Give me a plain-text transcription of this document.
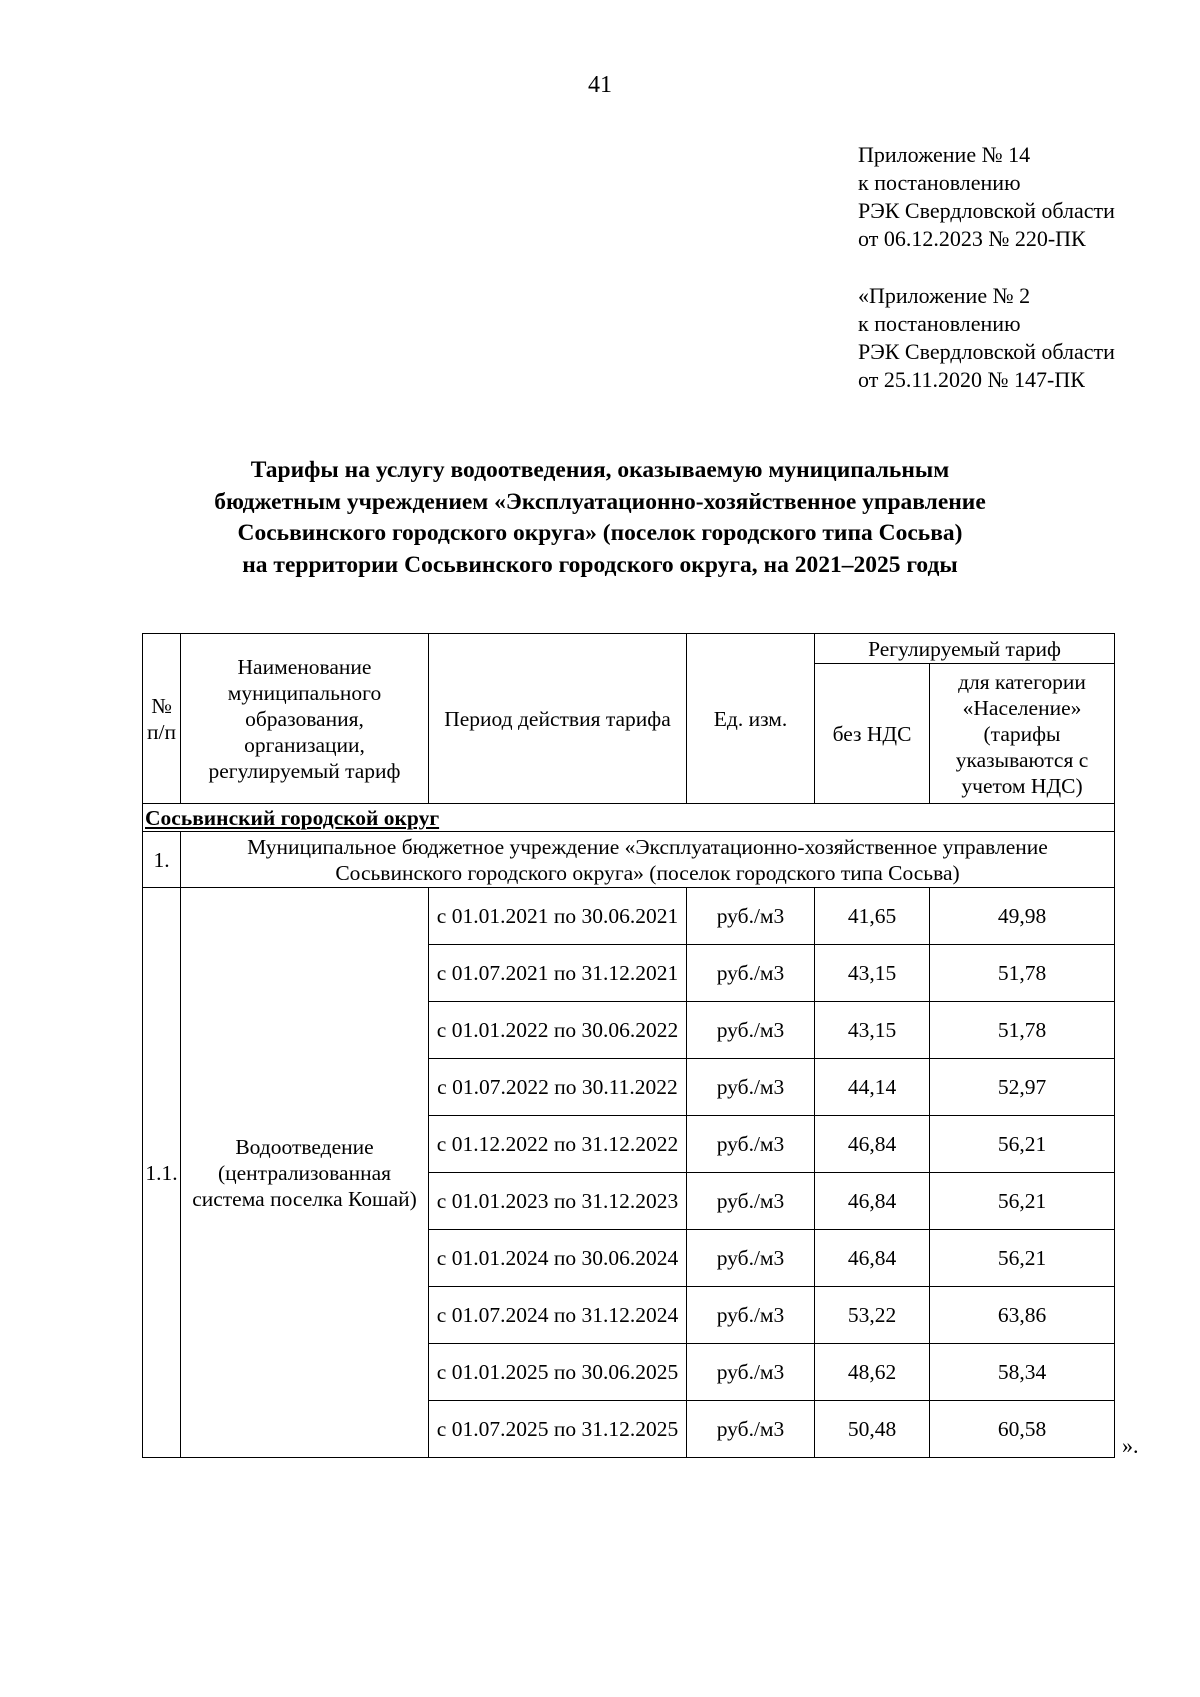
41
Приложение № 14
к постановлению
РЭК Свердловской области
от 06.12.2023 № 220-ПК
«Приложение № 2
к постановлению
РЭК Свердловской области
от 25.11.2020 № 147-ПК
Тарифы на услугу водоотведения, оказываемую муниципальным
бюджетным учреждением «Эксплуатационно-хозяйственное управление
Сосьвинского городского округа» (поселок городского типа Сосьва)
на территории Сосьвинского городского округа, на 2021–2025 годы
№ п/п	Наименование муниципального образования, организации, регулируемый тариф	Период действия тарифа	Ед. изм.	Регулируемый тариф	
				без НДС	для категории «Население» (тарифы указываются с учетом НДС)
Сосьвинский городской округ					
1.	Муниципальное бюджетное учреждение «Эксплуатационно-хозяйственное управление Сосьвинского городского округа» (поселок городского типа Сосьва)				
1.1.	Водоотведение (централизованная система поселка Кошай)	с 01.01.2021 по 30.06.2021	руб./м3	41,65	49,98
		с 01.07.2021 по 31.12.2021	руб./м3	43,15	51,78
		с 01.01.2022 по 30.06.2022	руб./м3	43,15	51,78
		с 01.07.2022 по 30.11.2022	руб./м3	44,14	52,97
		с 01.12.2022 по 31.12.2022	руб./м3	46,84	56,21
		с 01.01.2023 по 31.12.2023	руб./м3	46,84	56,21
		с 01.01.2024 по 30.06.2024	руб./м3	46,84	56,21
		с 01.07.2024 по 31.12.2024	руб./м3	53,22	63,86
		с 01.01.2025 по 30.06.2025	руб./м3	48,62	58,34
		с 01.07.2025 по 31.12.2025	руб./м3	50,48	60,58
».
